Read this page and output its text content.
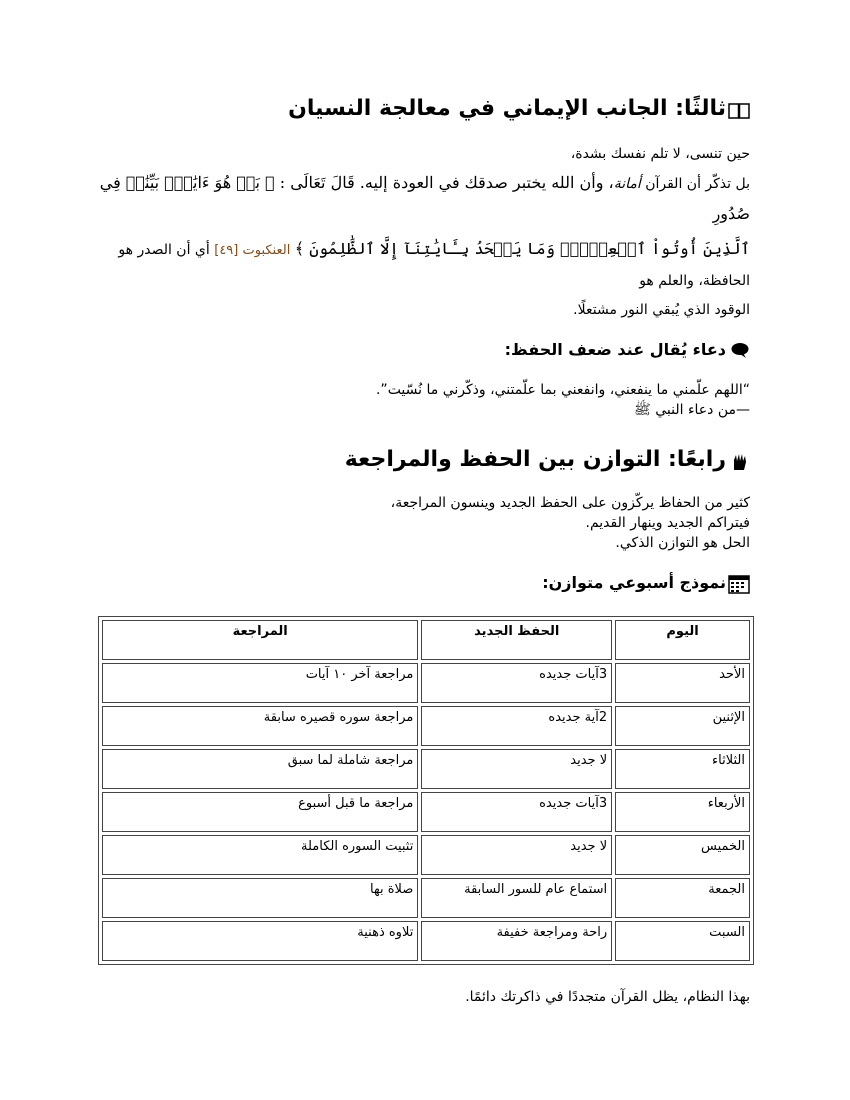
ثالثًا: الجانب الإيماني في معالجة النسيان

حين تنسى، لا تلم نفسك بشدة،

بل تذكّر أن القرآن أمانة، وأن الله يختبر صدقك في العودة إليه. قَالَ تَعَالَى : ﴿ بَلۡ هُوَ ءَايَٰتُۢ بَيِّنَٰتٞ فِي صُدُورِ

ٱلَّذِينَ أُوتُواْ ٱلۡعِلۡمَۚ وَمَا يَجۡحَدُ بِـَٔايَٰتِنَآ إِلَّا ٱلظَّٰلِمُونَ ﴾ العنكبوت [٤٩] أي أن الصدر هو الحافظة، والعلم هو

الوقود الذي يُبقي النور مشتعلًا.

دعاء يُقال عند ضعف الحفظ:

“اللهم علّمني ما ينفعني، وانفعني بما علّمتني، وذكّرني ما نُسّيت”.

—من دعاء النبي ﷺ

رابعًا: التوازن بين الحفظ والمراجعة

كثير من الحفاظ يركّزون على الحفظ الجديد وينسون المراجعة،

فيتراكم الجديد وينهار القديم.

الحل هو التوازن الذكي.

نموذج أسبوعي متوازن:
اليوم	الحفظ الجديد	المراجعة
الأحد	3آيات جديده	مراجعة آخر ١٠ آيات
الإثنين	2آية جديده	مراجعة سوره قصيره سابقة
الثلاثاء	لا جديد	مراجعة شاملة لما سبق
الأربعاء	3آيات جديده	مراجعة ما قبل أسبوع
الخميس	لا جديد	تثبيت السوره الكاملة
الجمعة	استماع عام للسور السابقة	صلاة بها
السبت	راحة ومراجعة خفيفة	تلاوه ذهنية

بهذا النظام، يظل القرآن متجددًا في ذاكرتك دائمًا.
